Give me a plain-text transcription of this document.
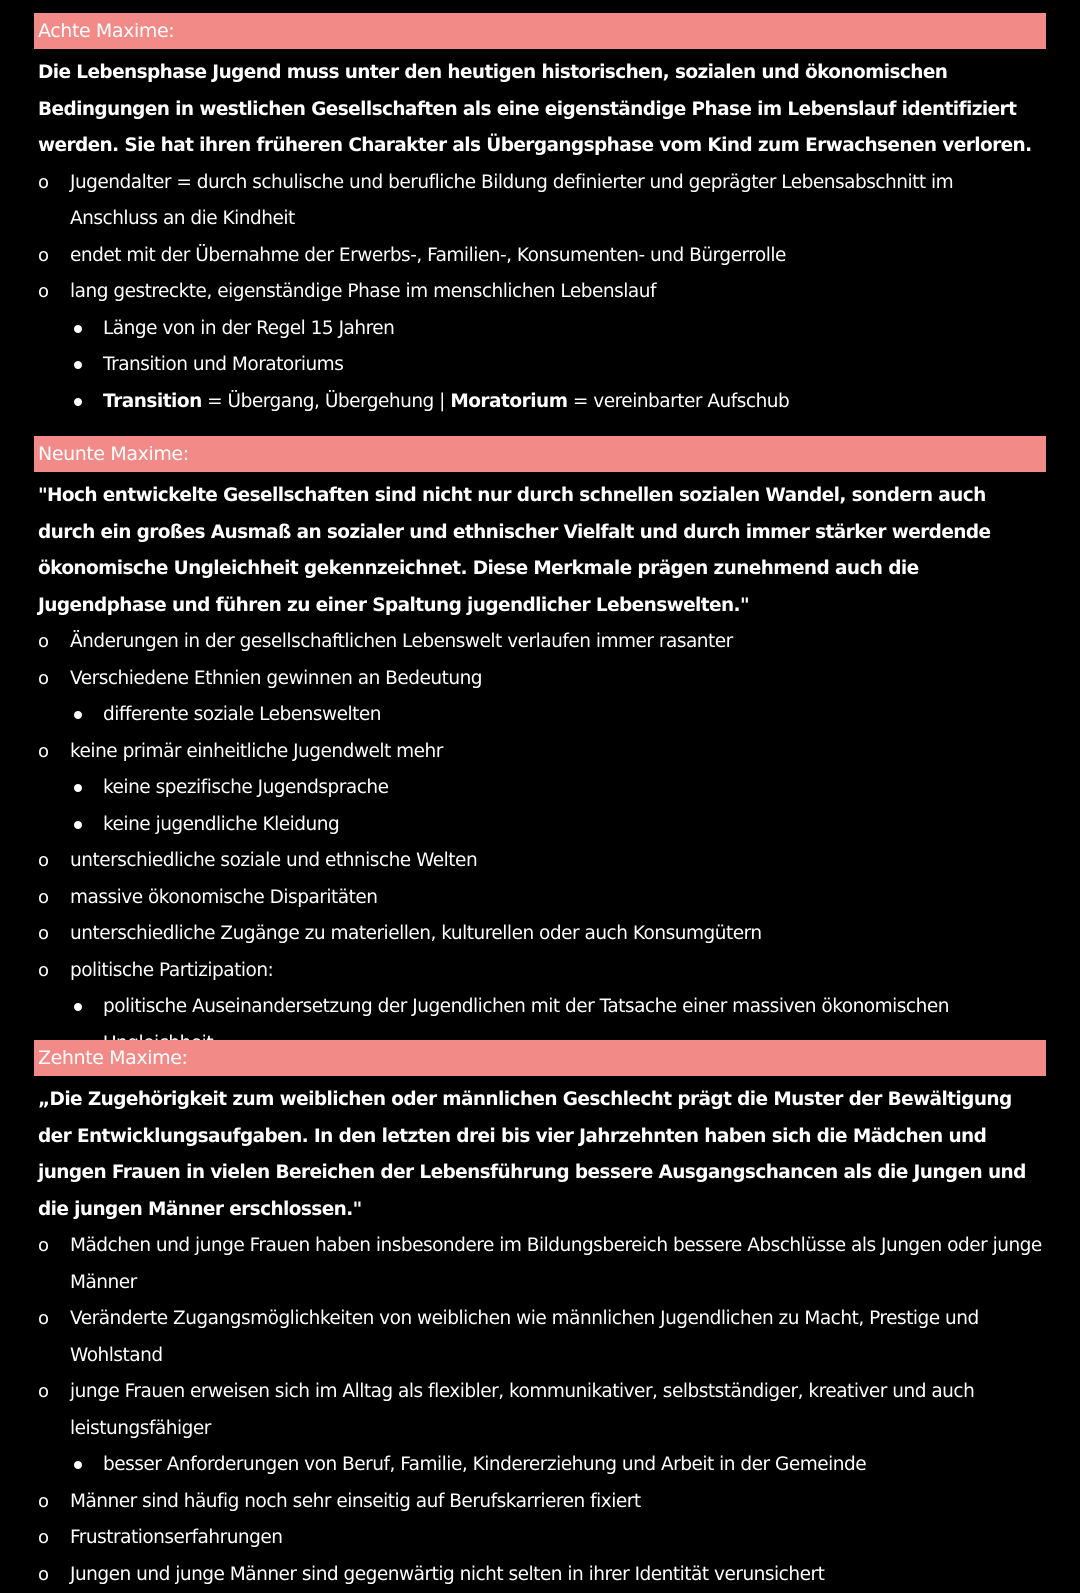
Achte Maxime:
Die Lebensphase Jugend muss unter den heutigen historischen, sozialen und ökonomischen Bedingungen in westlichen Gesellschaften als eine eigenständige Phase im Lebenslauf identifiziert werden. Sie hat ihren früheren Charakter als Übergangsphase vom Kind zum Erwachsenen verloren.
o Jugendalter = durch schulische und berufliche Bildung definierter und geprägter Lebensabschnitt im Anschluss an die Kindheit
o endet mit der Übernahme der Erwerbs-, Familien-, Konsumenten- und Bürgerrolle
o lang gestreckte, eigenständige Phase im menschlichen Lebenslauf
Länge von in der Regel 15 Jahren
Transition und Moratoriums
Transition = Übergang, Übergehung | Moratorium = vereinbarter Aufschub
Neunte Maxime:
"Hoch entwickelte Gesellschaften sind nicht nur durch schnellen sozialen Wandel, sondern auch durch ein großes Ausmaß an sozialer und ethnischer Vielfalt und durch immer stärker werdende ökonomische Ungleichheit gekennzeichnet. Diese Merkmale prägen zunehmend auch die Jugendphase und führen zu einer Spaltung jugendlicher Lebenswelten."
o Änderungen in der gesellschaftlichen Lebenswelt verlaufen immer rasanter
o Verschiedene Ethnien gewinnen an Bedeutung
differente soziale Lebenswelten
o keine primär einheitliche Jugendwelt mehr
keine spezifische Jugendsprache
keine jugendliche Kleidung
o unterschiedliche soziale und ethnische Welten
o massive ökonomische Disparitäten
o unterschiedliche Zugänge zu materiellen, kulturellen oder auch Konsumgütern
o politische Partizipation:
politische Auseinandersetzung der Jugendlichen mit der Tatsache einer massiven ökonomischen
Zehnte Maxime:
„Die Zugehörigkeit zum weiblichen oder männlichen Geschlecht prägt die Muster der Bewältigung der Entwicklungsaufgaben. In den letzten drei bis vier Jahrzehnten haben sich die Mädchen und jungen Frauen in vielen Bereichen der Lebensführung bessere Ausgangschancen als die Jungen und die jungen Männer erschlossen."
o Mädchen und junge Frauen haben insbesondere im Bildungsbereich bessere Abschlüsse als Jungen oder junge Männer
o Veränderte Zugangsmöglichkeiten von weiblichen wie männlichen Jugendlichen zu Macht, Prestige und Wohlstand
o junge Frauen erweisen sich im Alltag als flexibler, kommunikativer, selbstständiger, kreativer und auch leistungsfähiger
besser Anforderungen von Beruf, Familie, Kindererziehung und Arbeit in der Gemeinde
o Männer sind häufig noch sehr einseitig auf Berufskarrieren fixiert
o Frustrationserfahrungen
o Jungen und junge Männer sind gegenwärtig nicht selten in ihrer Identität verunsichert
